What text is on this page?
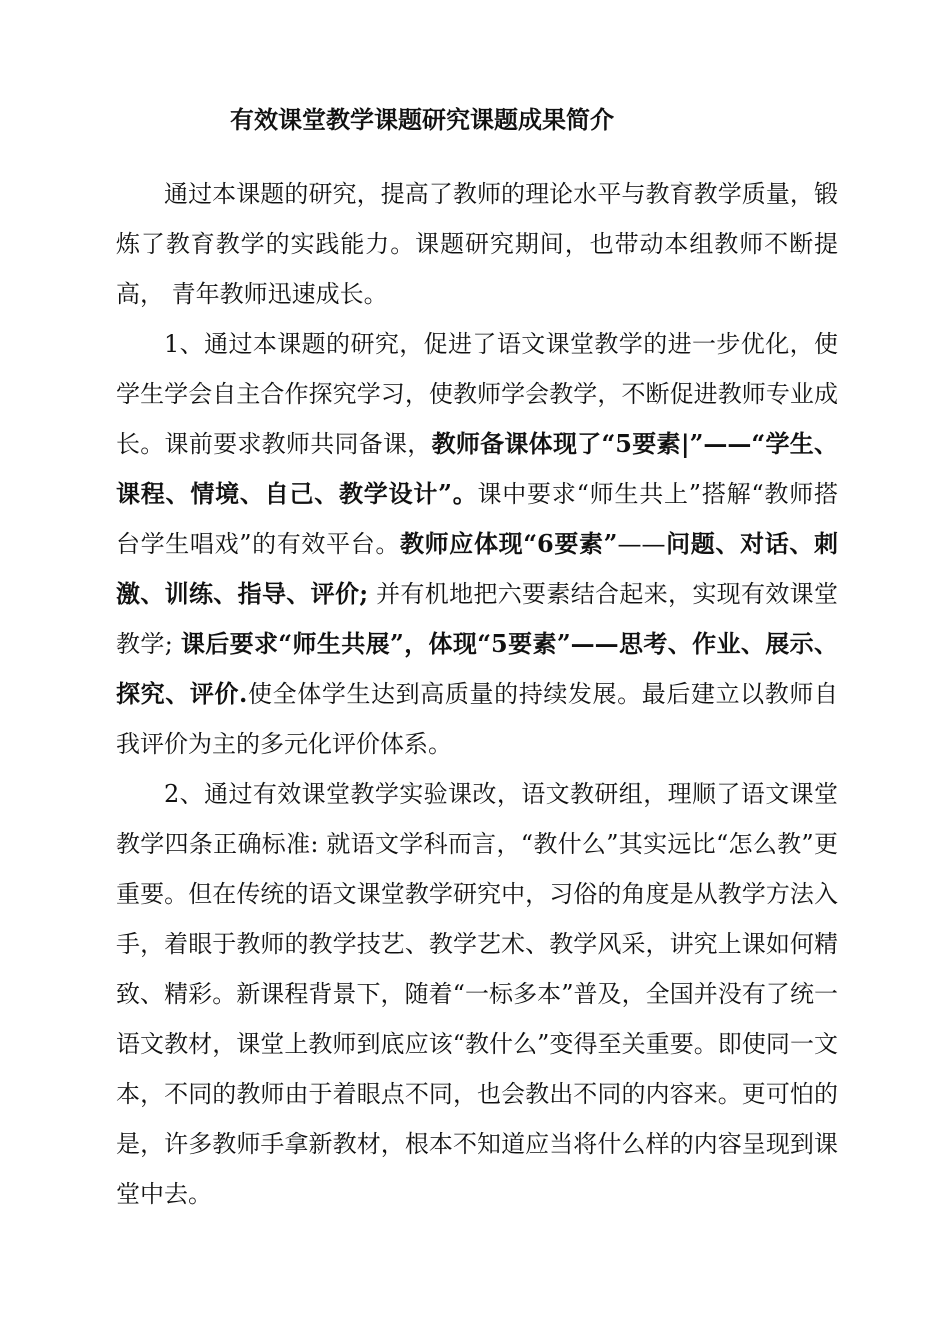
有效课堂教学课题研究课题成果简介

通过本课题的研究，提高了教师的理论水平与教育教学质量，锻炼了教育教学的实践能力。课题研究期间，也带动本组教师不断提高， 青年教师迅速成长。

1、通过本课题的研究，促进了语文课堂教学的进一步优化，使学生学会自主合作探究学习，使教师学会教学，不断促进教师专业成长。课前要求教师共同备课，教师备课体现了“5要素|”——“学生、课程、情境、自己、教学设计”。课中要求“师生共上”搭解“教师搭台学生唱戏”的有效平台。教师应体现“6要素”——问题、对话、刺激、训练、指导、评价; 并有机地把六要素结合起来，实现有效课堂教学; 课后要求“师生共展”，体现“5要素”——思考、作业、展示、探究、评价.使全体学生达到高质量的持续发展。最后建立以教师自我评价为主的多元化评价体系。

2、通过有效课堂教学实验课改，语文教研组，理顺了语文课堂教学四条正确标准: 就语文学科而言，“教什么”其实远比“怎么教”更重要。但在传统的语文课堂教学研究中，习俗的角度是从教学方法入手，着眼于教师的教学技艺、教学艺术、教学风采，讲究上课如何精致、精彩。新课程背景下，随着“一标多本”普及，全国并没有了统一语文教材，课堂上教师到底应该“教什么”变得至关重要。即使同一文本，不同的教师由于着眼点不同，也会教出不同的内容来。更可怕的是，许多教师手拿新教材，根本不知道应当将什么样的内容呈现到课堂中去。
